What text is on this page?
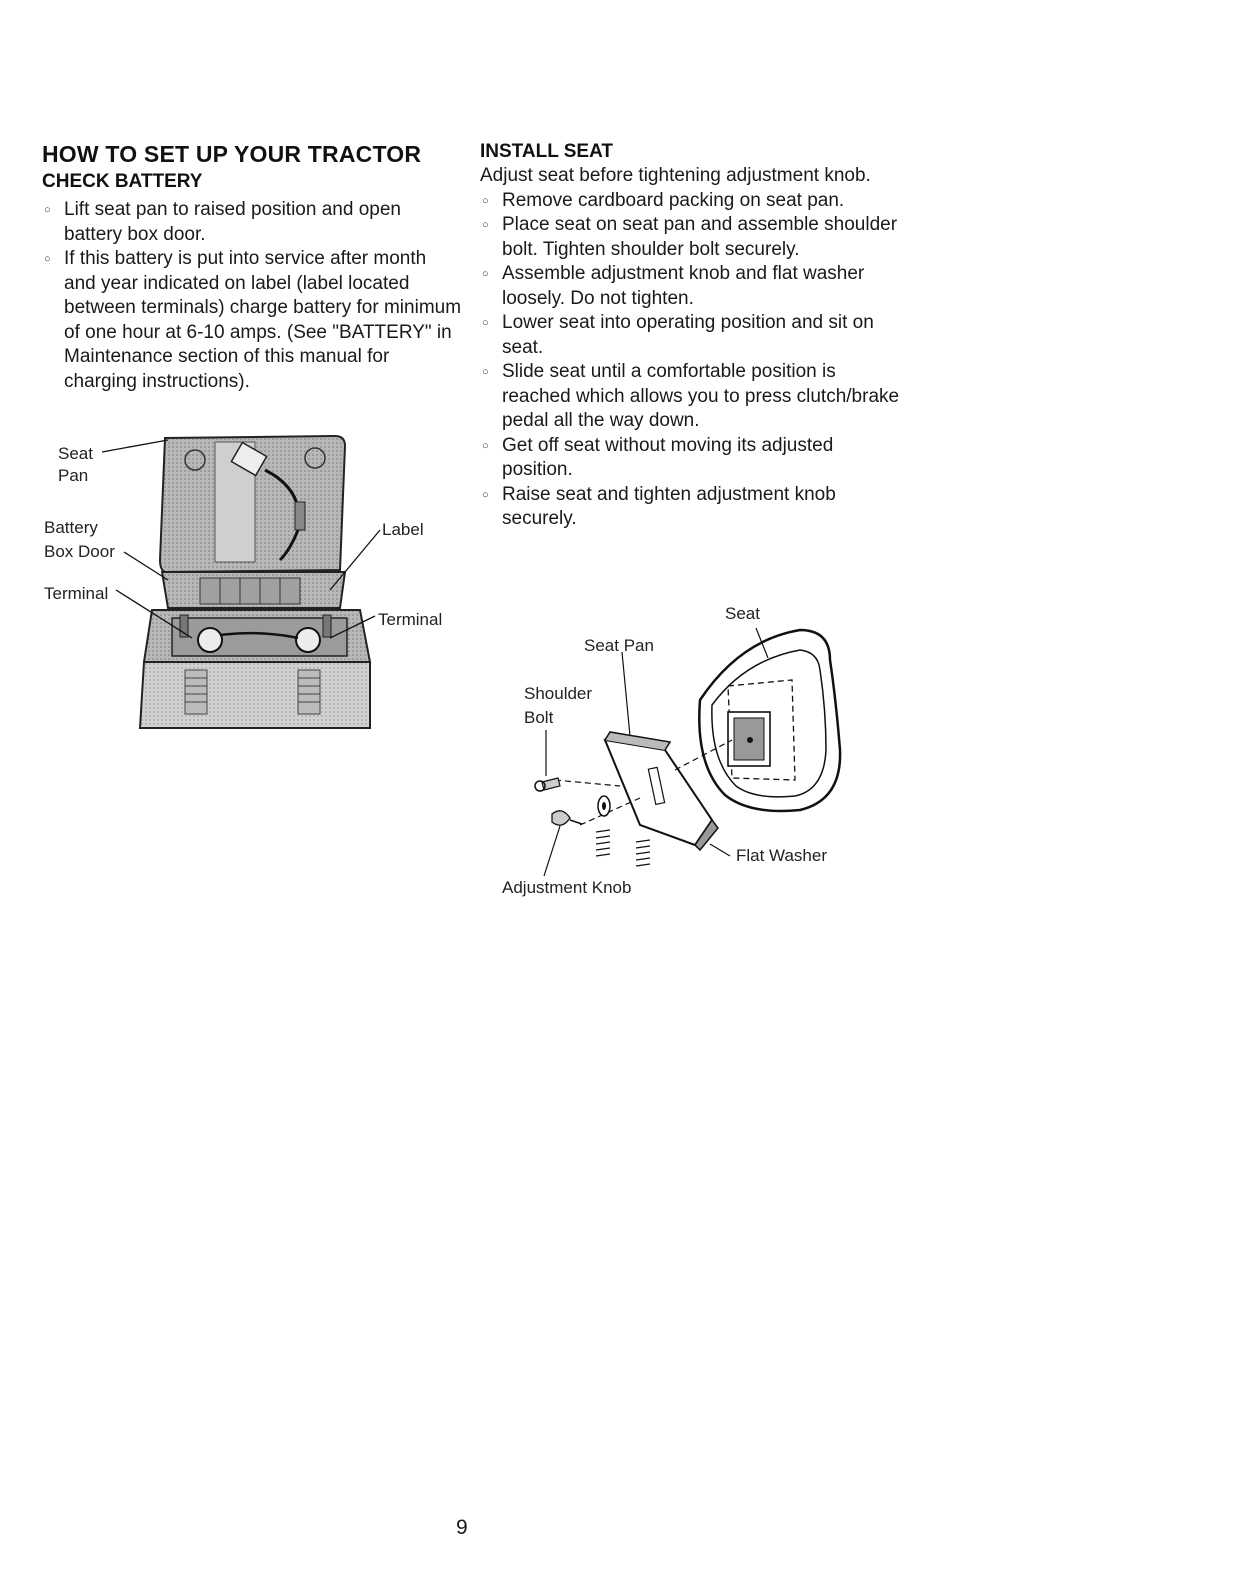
HOW TO SET UP YOUR TRACTOR
CHECK BATTERY
○ Lift seat pan to raised position and open battery box door.
○ If this battery is put into service after month and year indicated on label (label located between terminals) charge battery for minimum of one hour at 6-10 amps. (See "BATTERY" in Maintenance section of this manual for charging instructions).
Seat
Pan
Battery
Box Door
Terminal
Label
Terminal
INSTALL SEAT

Adjust seat before tightening adjustment knob.

○ Remove cardboard packing on seat pan.
○ Place seat on seat pan and assemble shoulder bolt. Tighten shoulder bolt securely.
○ Assemble adjustment knob and flat washer loosely. Do not tighten.
○ Lower seat into operating position and sit on seat.
○ Slide seat until a comfortable position is reached which allows you to press clutch/brake pedal all the way down.
○ Get off seat without moving its adjusted position.
○ Raise seat and tighten adjustment knob securely.
Seat
Seat Pan
Shoulder
Bolt
Flat Washer
Adjustment Knob
9
